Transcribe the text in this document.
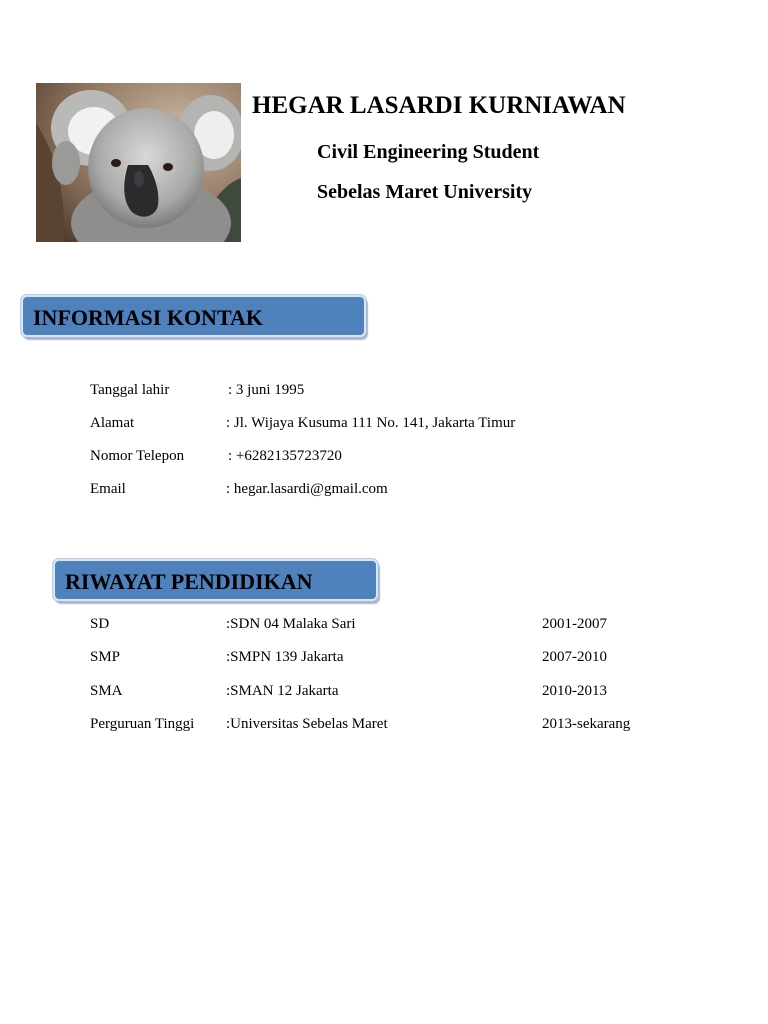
HEGAR LASARDI KURNIAWAN
Civil Engineering Student
Sebelas Maret University
INFORMASI KONTAK
Tanggal lahir	: 3 juni 1995
Alamat	: Jl. Wijaya Kusuma 111 No. 141, Jakarta Timur
Nomor Telepon	: +6282135723720
Email	: hegar.lasardi@gmail.com
RIWAYAT PENDIDIKAN
SD	:SDN 04 Malaka Sari	2001-2007
SMP	:SMPN 139 Jakarta	2007-2010
SMA	:SMAN 12 Jakarta	2010-2013
Perguruan Tinggi :Universitas Sebelas Maret	2013-sekarang
